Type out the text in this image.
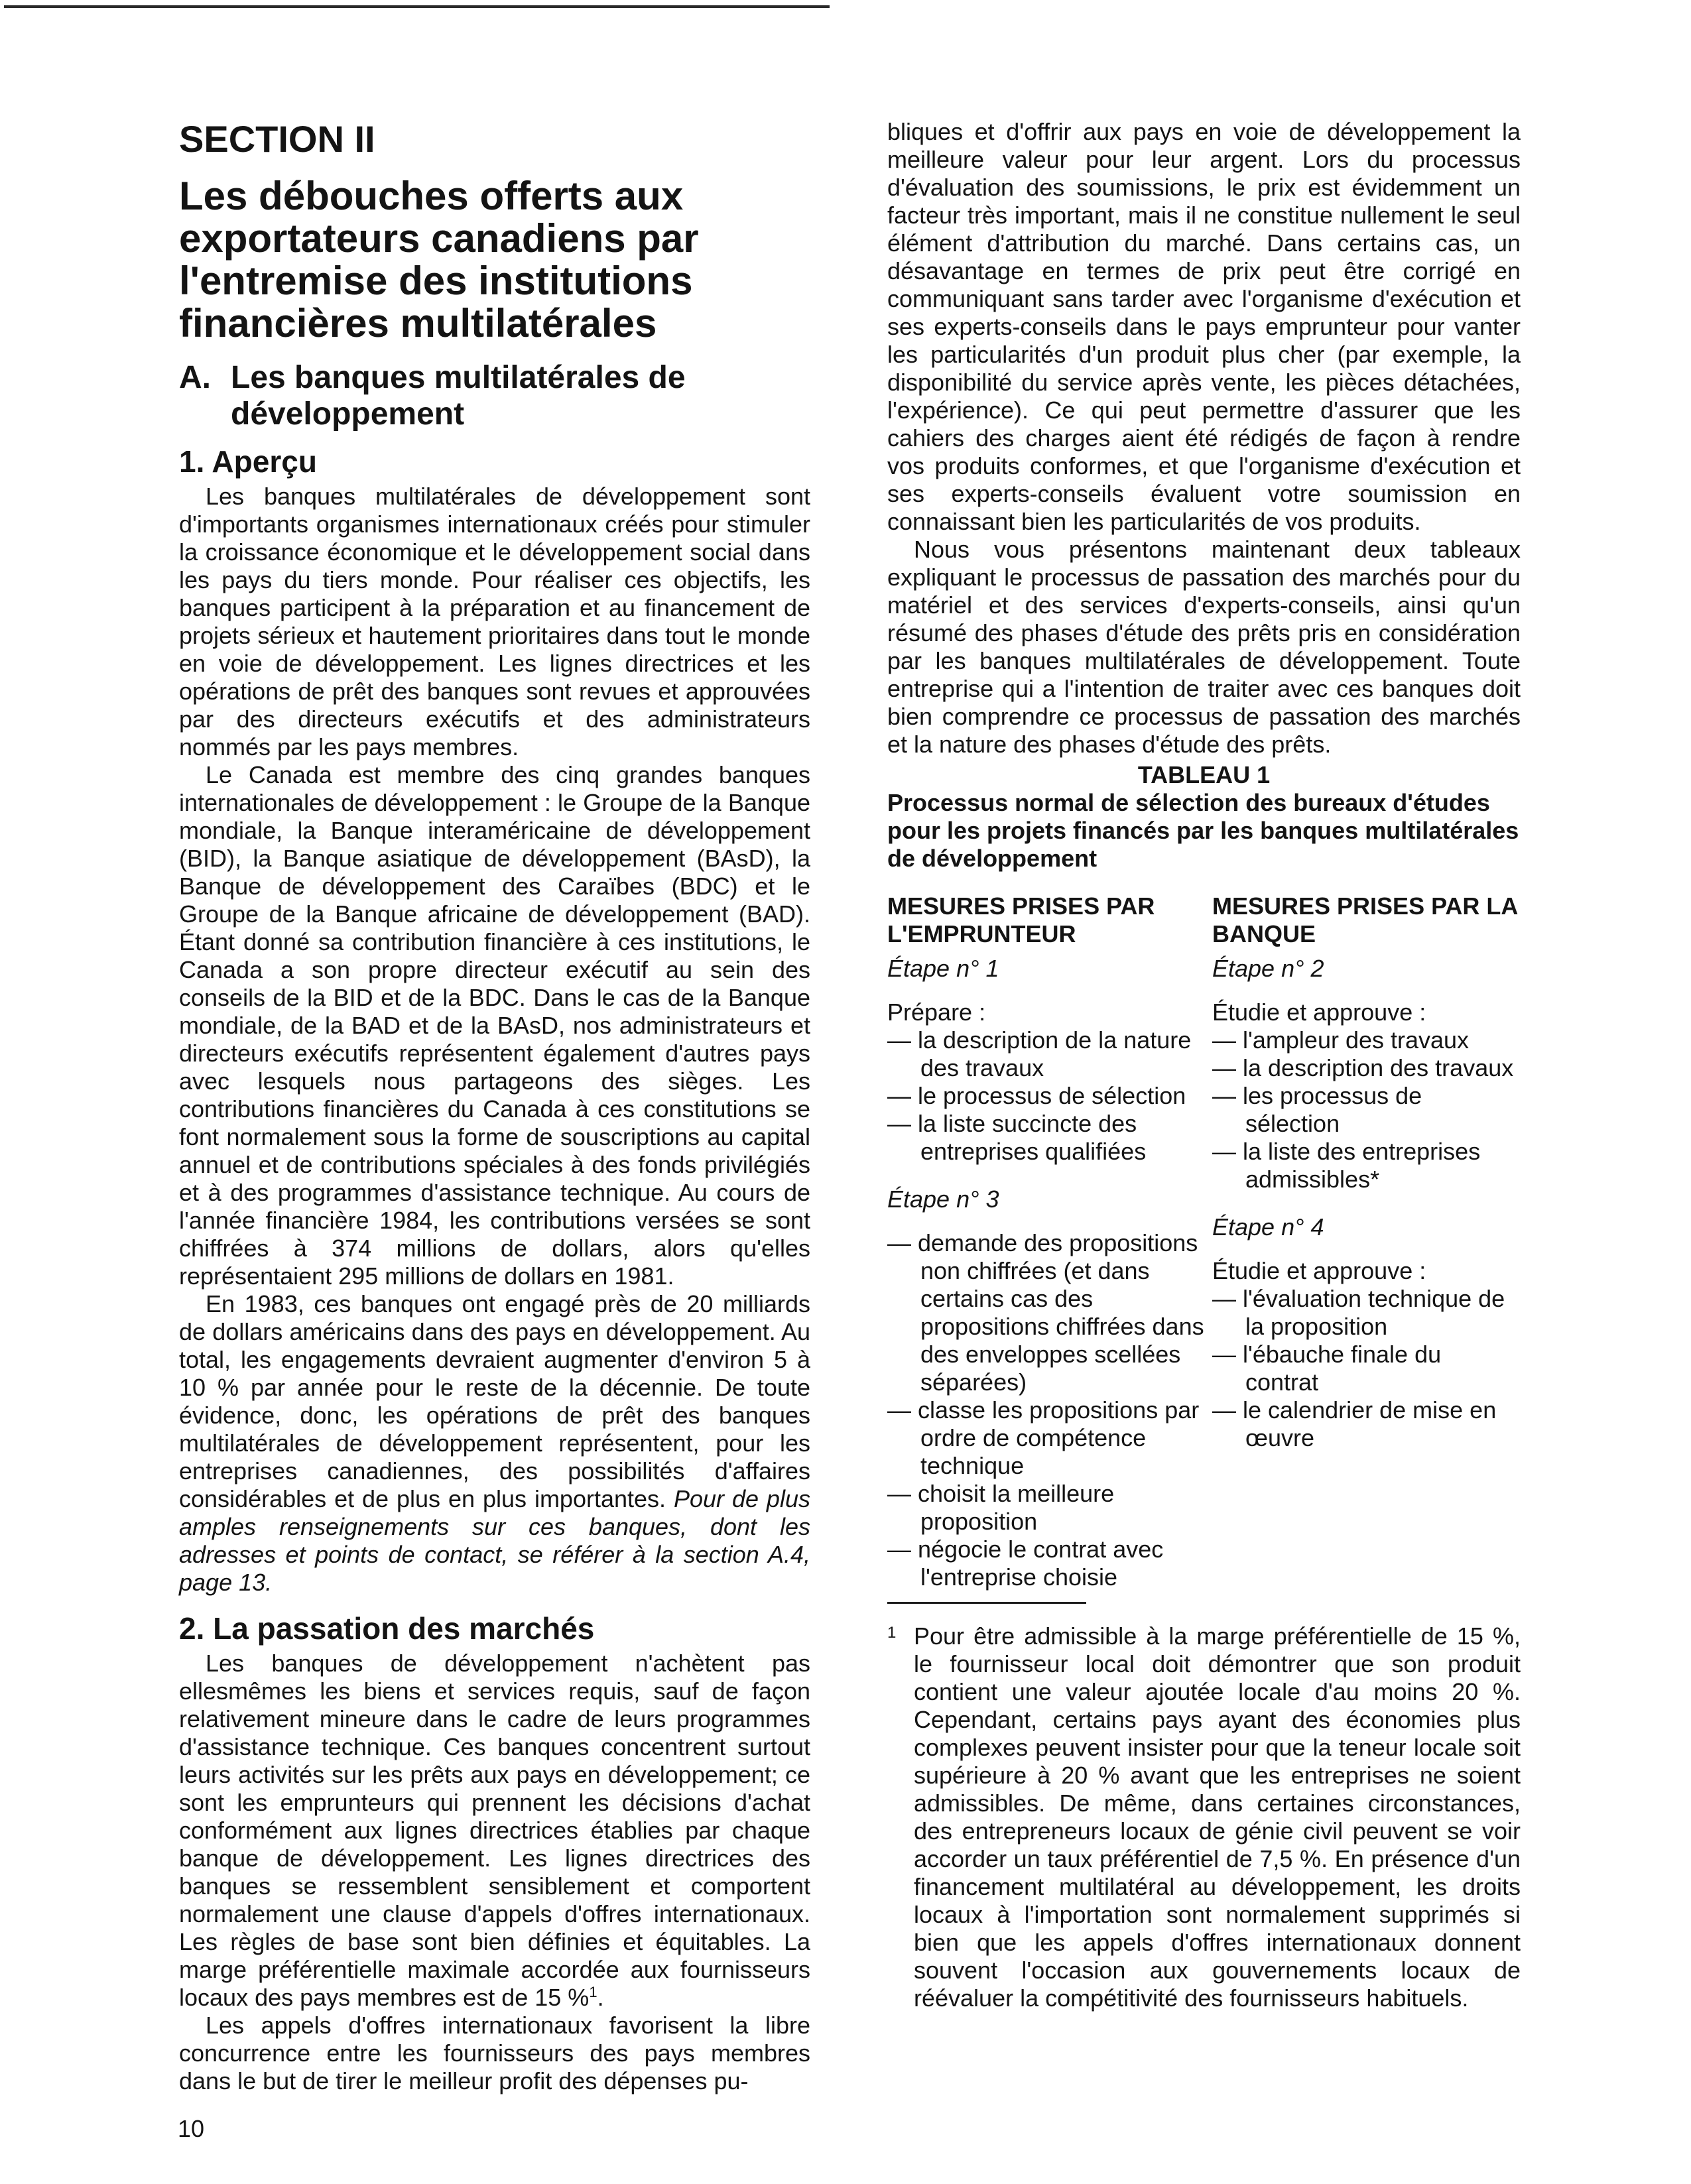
SECTION II
Les débouches offerts aux exportateurs canadiens par l'entremise des institutions financières multilatérales
A. Les banques multilatérales de développement
1. Aperçu

Les banques multilatérales de développement sont d'importants organismes internationaux créés pour stimuler la croissance économique et le développement social dans les pays du tiers monde. Pour réaliser ces objectifs, les banques participent à la préparation et au financement de projets sérieux et hautement prioritaires dans tout le monde en voie de développement. Les lignes directrices et les opérations de prêt des banques sont revues et approuvées par des directeurs exécutifs et des administrateurs nommés par les pays membres.

Le Canada est membre des cinq grandes banques internationales de développement : le Groupe de la Banque mondiale, la Banque interaméricaine de développement (BID), la Banque asiatique de développement (BAsD), la Banque de développement des Caraïbes (BDC) et le Groupe de la Banque africaine de développement (BAD). Étant donné sa contribution financière à ces institutions, le Canada a son propre directeur exécutif au sein des conseils de la BID et de la BDC. Dans le cas de la Banque mondiale, de la BAD et de la BAsD, nos administrateurs et directeurs exécutifs représentent également d'autres pays avec lesquels nous partageons des sièges. Les contributions financières du Canada à ces constitutions se font normalement sous la forme de souscriptions au capital annuel et de contributions spéciales à des fonds privilégiés et à des programmes d'assistance technique. Au cours de l'année financière 1984, les contributions versées se sont chiffrées à 374 millions de dollars, alors qu'elles représentaient 295 millions de dollars en 1981.

En 1983, ces banques ont engagé près de 20 milliards de dollars américains dans des pays en développement. Au total, les engagements devraient augmenter d'environ 5 à 10 % par année pour le reste de la décennie. De toute évidence, donc, les opérations de prêt des banques multilatérales de développement représentent, pour les entreprises canadiennes, des possibilités d'affaires considérables et de plus en plus importantes. Pour de plus amples renseignements sur ces banques, dont les adresses et points de contact, se référer à la section A.4, page 13.

2. La passation des marchés

Les banques de développement n'achètent pas ellesmêmes les biens et services requis, sauf de façon relativement mineure dans le cadre de leurs programmes d'assistance technique. Ces banques concentrent surtout leurs activités sur les prêts aux pays en développement; ce sont les emprunteurs qui prennent les décisions d'achat conformément aux lignes directrices établies par chaque banque de développement. Les lignes directrices des banques se ressemblent sensiblement et comportent normalement une clause d'appels d'offres internationaux. Les règles de base sont bien définies et équitables. La marge préférentielle maximale accordée aux fournisseurs locaux des pays membres est de 15 %$^1$.

Les appels d'offres internationaux favorisent la libre concurrence entre les fournisseurs des pays membres dans le but de tirer le meilleur profit des dépenses pu-

bliques et d'offrir aux pays en voie de développement la meilleure valeur pour leur argent. Lors du processus d'évaluation des soumissions, le prix est évidemment un facteur très important, mais il ne constitue nullement le seul élément d'attribution du marché. Dans certains cas, un désavantage en termes de prix peut être corrigé en communiquant sans tarder avec l'organisme d'exécution et ses experts-conseils dans le pays emprunteur pour vanter les particularités d'un produit plus cher (par exemple, la disponibilité du service après vente, les pièces détachées, l'expérience). Ce qui peut permettre d'assurer que les cahiers des charges aient été rédigés de façon à rendre vos produits conformes, et que l'organisme d'exécution et ses experts-conseils évaluent votre soumission en connaissant bien les particularités de vos produits.

Nous vous présentons maintenant deux tableaux expliquant le processus de passation des marchés pour du matériel et des services d'experts-conseils, ainsi qu'un résumé des phases d'étude des prêts pris en considération par les banques multilatérales de développement. Toute entreprise qui a l'intention de traiter avec ces banques doit bien comprendre ce processus de passation des marchés et la nature des phases d'étude des prêts.

TABLEAU 1
Processus normal de sélection des bureaux d'études pour les projets financés par les banques multilatérales de développement
MESURES PRISES PAR L'EMPRUNTEUR
Étape n° 1
Prépare :
— la description de la nature des travaux
— le processus de sélection
— la liste succincte des entreprises qualifiées
Étape n° 3
— demande des propositions non chiffrées (et dans certains cas des propositions chiffrées dans des enveloppes scellées séparées)
— classe les propositions par ordre de compétence technique
— choisit la meilleure proposition
— négocie le contrat avec l'entreprise choisie
MESURES PRISES PAR LA BANQUE
Étape n° 2
Étudie et approuve :
— l'ampleur des travaux
— la description des travaux
— les processus de sélection
— la liste des entreprises admissibles*
Étape n° 4
Étudie et approuve :
— l'évaluation technique de la proposition
— l'ébauche finale du contrat
— le calendrier de mise en œuvre
1 Pour être admissible à la marge préférentielle de 15 %, le fournisseur local doit démontrer que son produit contient une valeur ajoutée locale d'au moins 20 %. Cependant, certains pays ayant des économies plus complexes peuvent insister pour que la teneur locale soit supérieure à 20 % avant que les entreprises ne soient admissibles. De même, dans certaines circonstances, des entrepreneurs locaux de génie civil peuvent se voir accorder un taux préférentiel de 7,5 %. En présence d'un financement multilatéral au développement, les droits locaux à l'importation sont normalement supprimés si bien que les appels d'offres internationaux donnent souvent l'occasion aux gouvernements locaux de réévaluer la compétitivité des fournisseurs habituels.
10
